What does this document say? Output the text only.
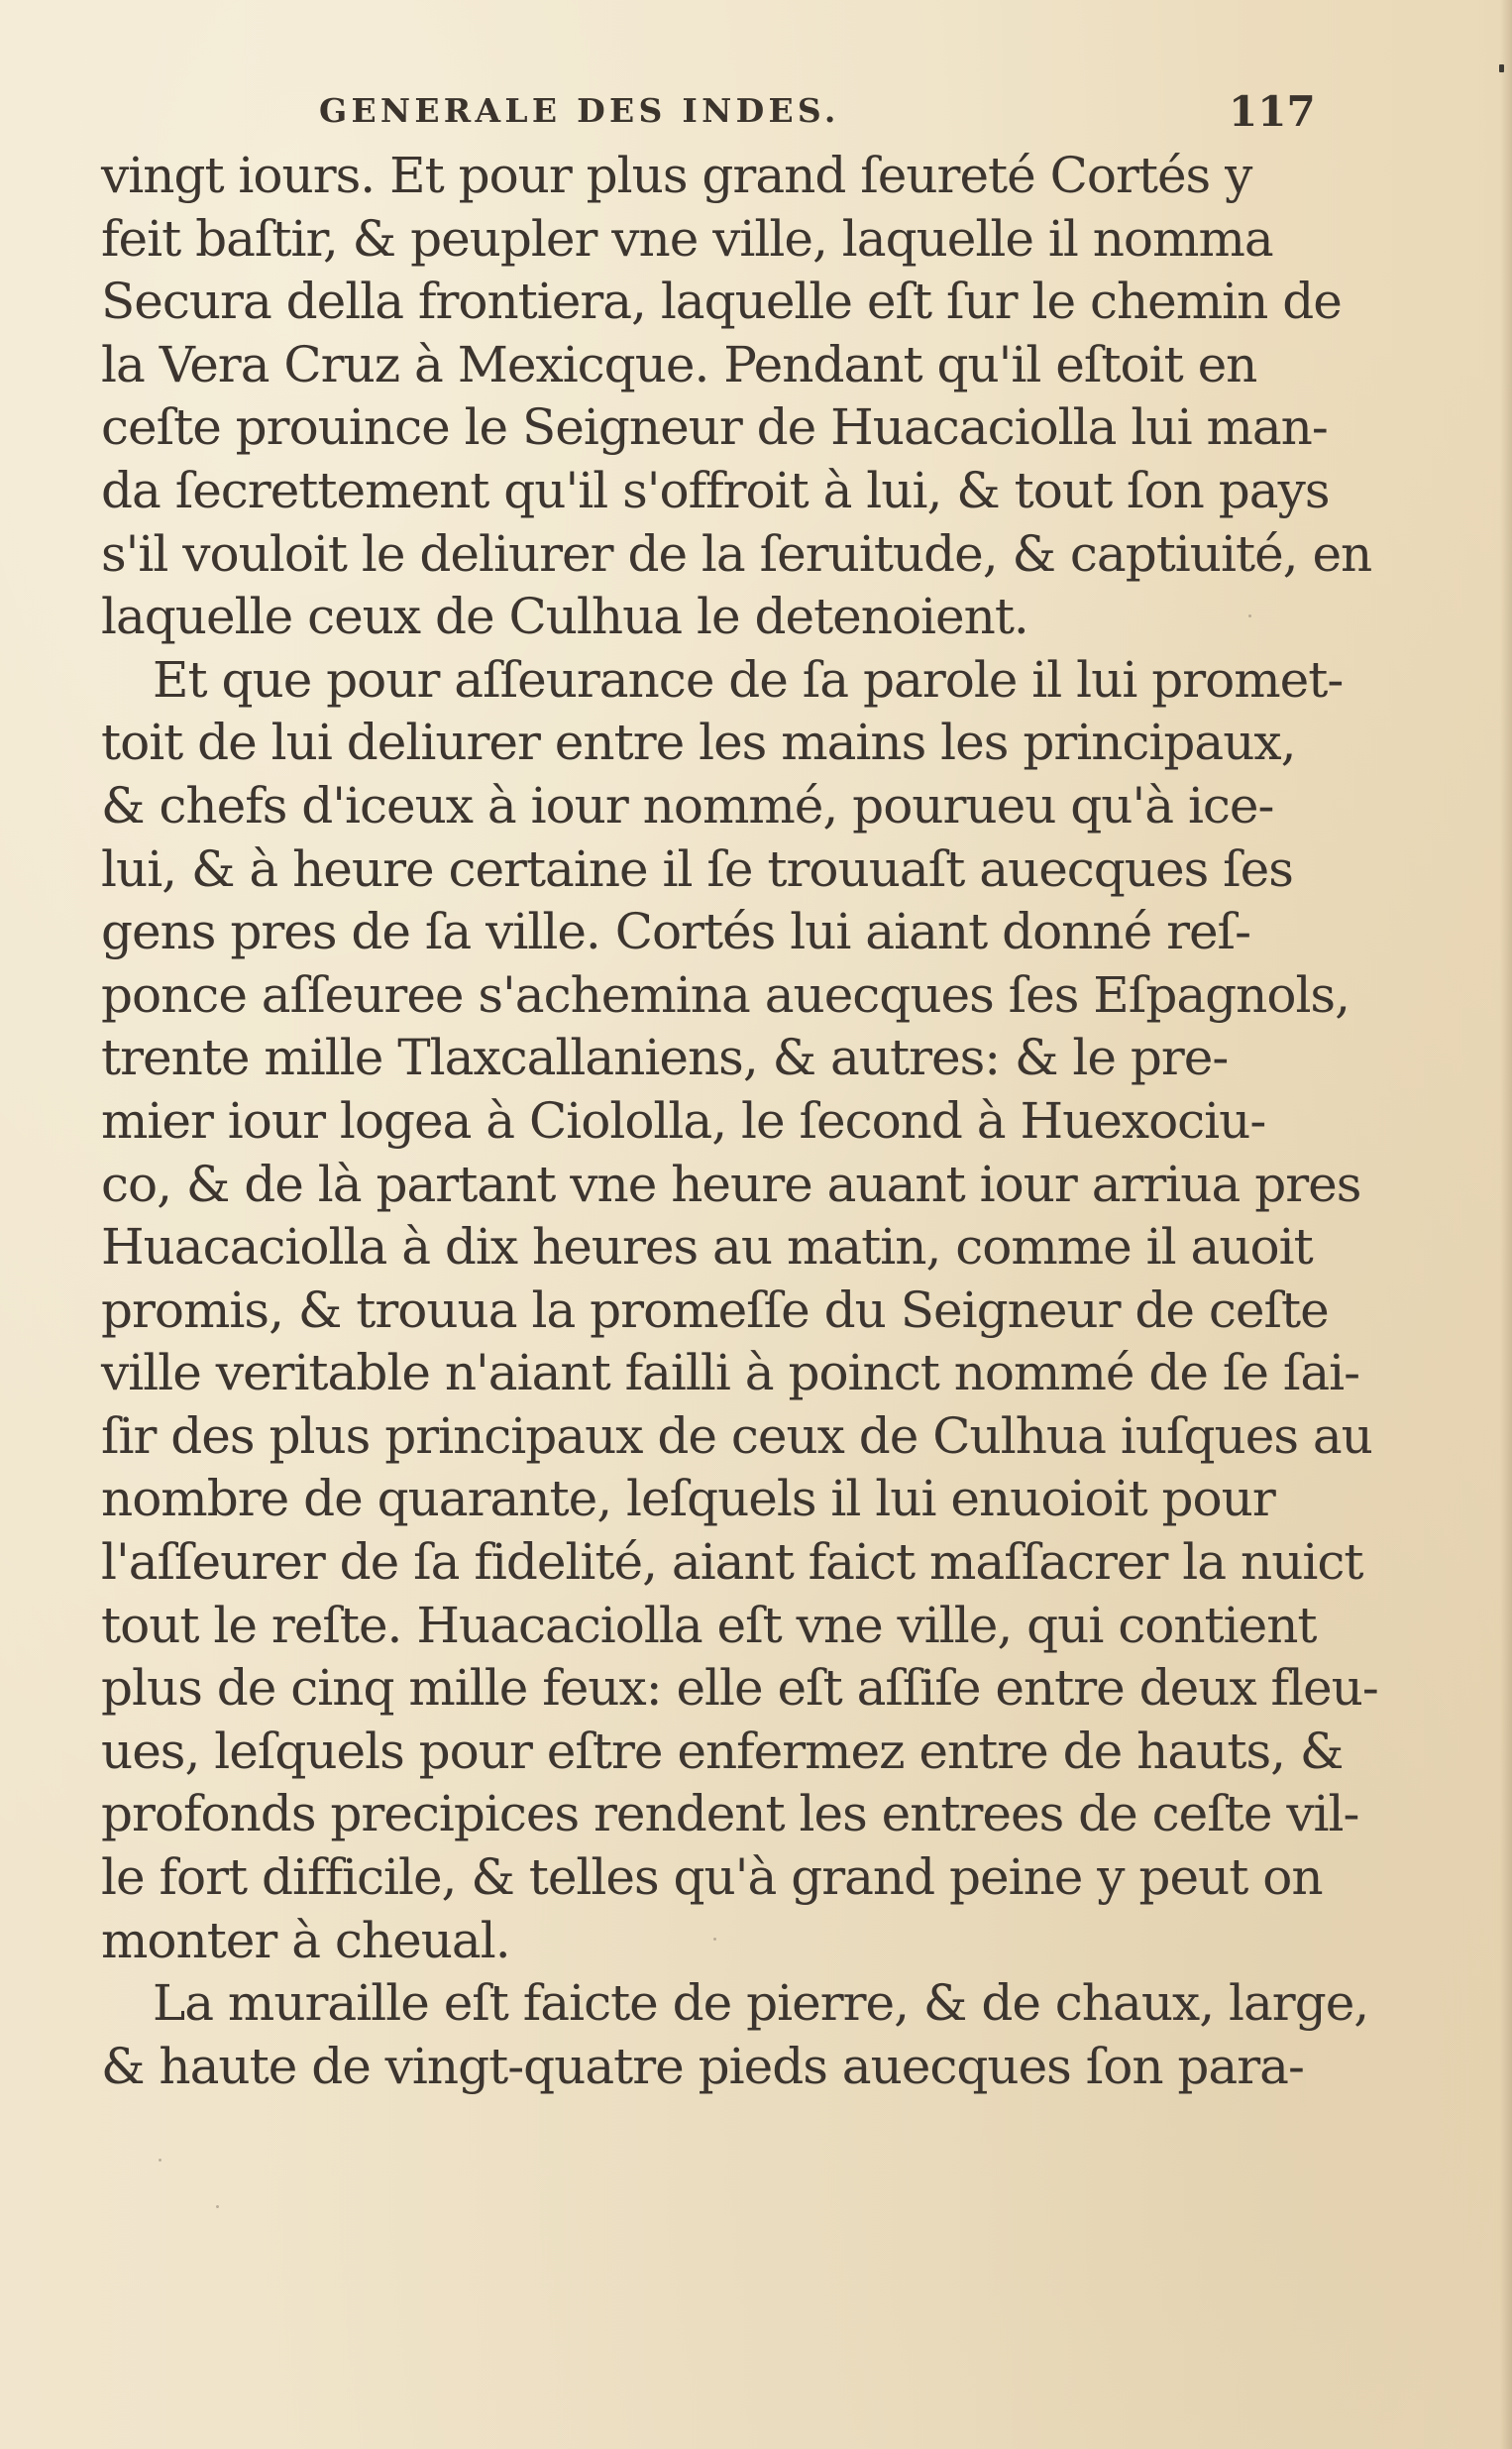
GENERALE DES INDES.	117
vingt iours. Et pour plus grand ſeureté Cortés y
feit baſtir, & peupler vne ville, laquelle il nomma
Secura della frontiera, laquelle eſt ſur le chemin de
la Vera Cruz à Mexicque. Pendant qu'il eſtoit en
ceſte prouince le Seigneur de Huacaciolla lui man-
da ſecrettement qu'il s'offroit à lui, & tout ſon pays
s'il vouloit le deliurer de la ſeruitude, & captiuité, en
laquelle ceux de Culhua le detenoient.
Et que pour aſſeurance de ſa parole il lui promet-
toit de lui deliurer entre les mains les principaux,
& chefs d'iceux à iour nommé, pourueu qu'à ice-
lui, & à heure certaine il ſe trouuaſt auecques ſes
gens pres de ſa ville. Cortés lui aiant donné reſ-
ponce aſſeuree s'achemina auecques ſes Eſpagnols,
trente mille Tlaxcallaniens, & autres: & le pre-
mier iour logea à Ciololla, le ſecond à Huexociu-
co, & de là partant vne heure auant iour arriua pres
Huacaciolla à dix heures au matin, comme il auoit
promis, & trouua la promeſſe du Seigneur de ceſte
ville veritable n'aiant failli à poinct nommé de ſe ſai-
ſir des plus principaux de ceux de Culhua iuſques au
nombre de quarante, leſquels il lui enuoioit pour
l'aſſeurer de ſa fidelité, aiant faict maſſacrer la nuict
tout le reſte. Huacaciolla eſt vne ville, qui contient
plus de cinq mille feux: elle eſt aſſiſe entre deux fleu-
ues, leſquels pour eſtre enfermez entre de hauts, &
profonds precipices rendent les entrees de ceſte vil-
le fort difficile, & telles qu'à grand peine y peut on
monter à cheual.
La muraille eſt faicte de pierre, & de chaux, large,
& haute de vingt-quatre pieds auecques ſon para-
